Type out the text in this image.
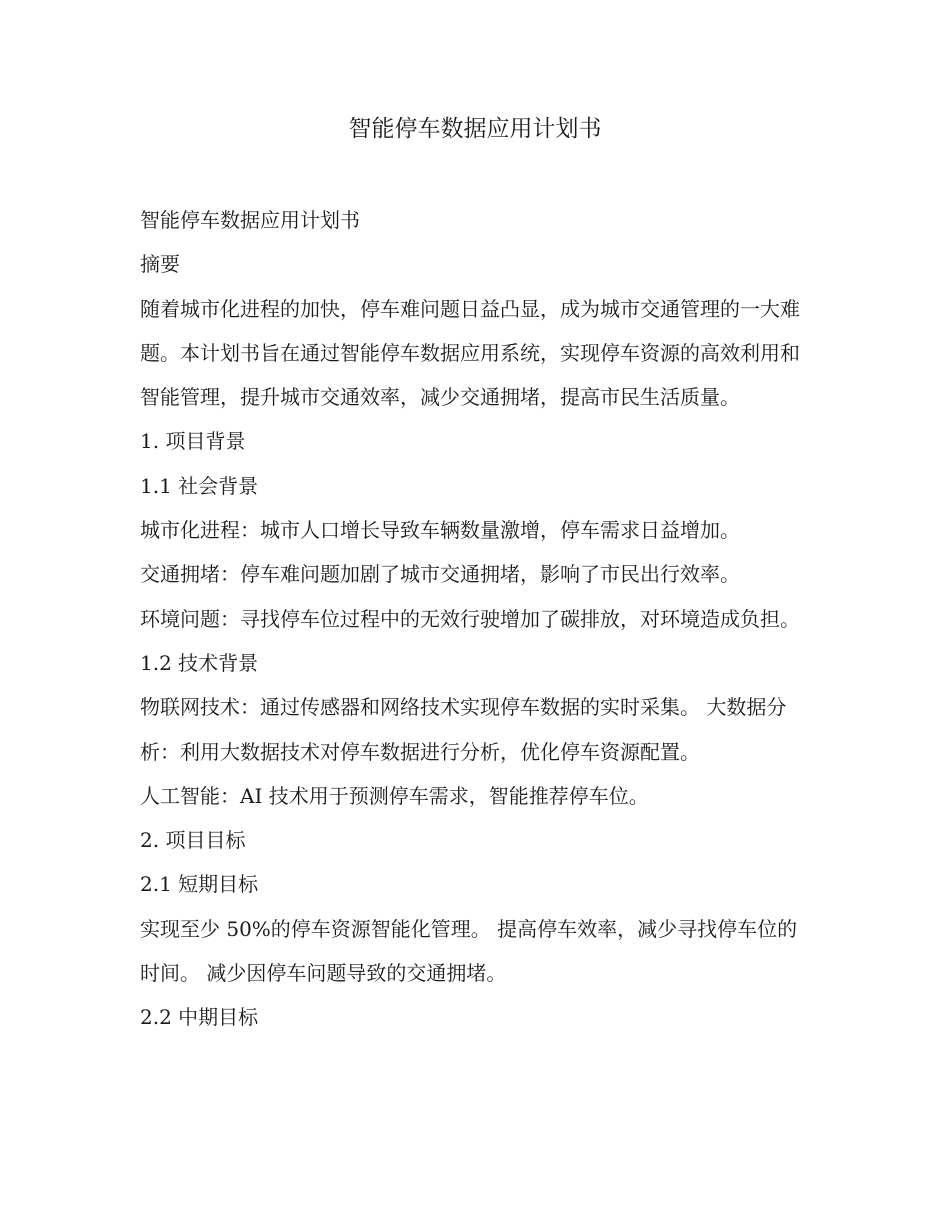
智能停车数据应用计划书

智能停车数据应用计划书

摘要

随着城市化进程的加快，停车难问题日益凸显，成为城市交通管理的一大难题。本计划书旨在通过智能停车数据应用系统，实现停车资源的高效利用和智能管理，提升城市交通效率，减少交通拥堵，提高市民生活质量。

1. 项目背景

1.1 社会背景

城市化进程：城市人口增长导致车辆数量激增，停车需求日益增加。

交通拥堵：停车难问题加剧了城市交通拥堵，影响了市民出行效率。

环境问题：寻找停车位过程中的无效行驶增加了碳排放，对环境造成负担。

1.2 技术背景

物联网技术：通过传感器和网络技术实现停车数据的实时采集。 大数据分析：利用大数据技术对停车数据进行分析，优化停车资源配置。

人工智能：AI 技术用于预测停车需求，智能推荐停车位。

2. 项目目标

2.1 短期目标

实现至少 50%的停车资源智能化管理。 提高停车效率，减少寻找停车位的时间。 减少因停车问题导致的交通拥堵。

2.2 中期目标
